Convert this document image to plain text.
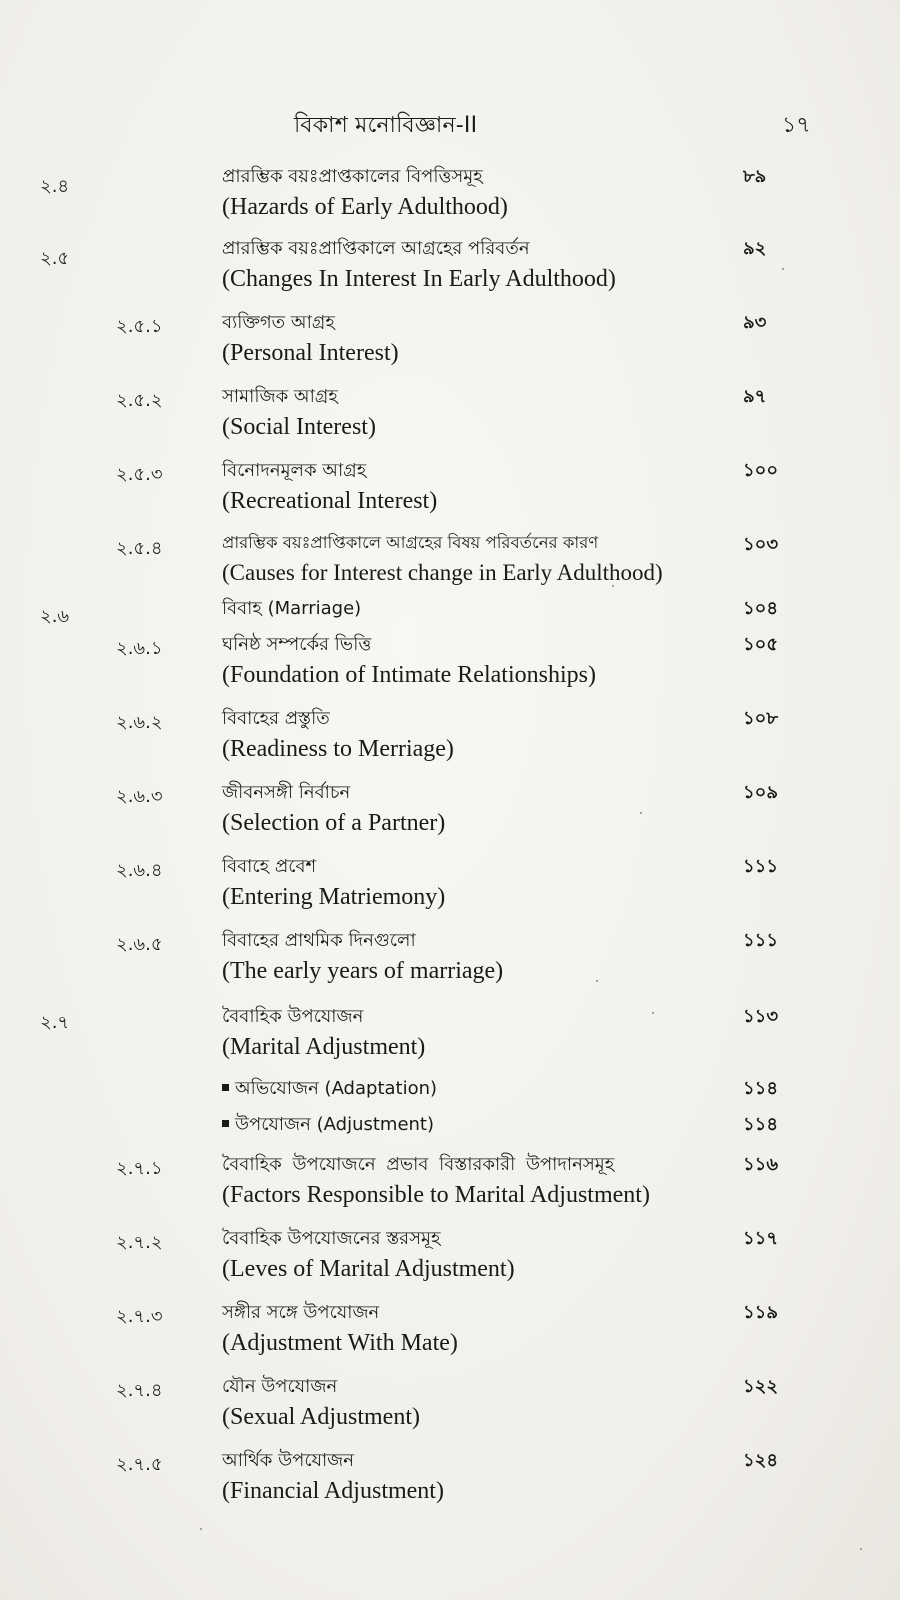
বিকাশ মনোবিজ্ঞান-II	১৭
২.৪	প্রারম্ভিক বয়ঃপ্রাপ্তকালের বিপত্তিসমূহ	৮৯
(Hazards of Early Adulthood)
২.৫	প্রারম্ভিক বয়ঃপ্রাপ্তিকালে আগ্রহের পরিবর্তন	৯২
(Changes In Interest In Early Adulthood)
২.৫.১	ব্যক্তিগত আগ্রহ	৯৩
(Personal Interest)
২.৫.২	সামাজিক আগ্রহ	৯৭
(Social Interest)
২.৫.৩	বিনোদনমূলক আগ্রহ	১০০
(Recreational Interest)
২.৫.৪	প্রারম্ভিক বয়ঃপ্রাপ্তিকালে আগ্রহের বিষয় পরিবর্তনের কারণ	১০৩
(Causes for Interest change in Early Adulthood)
২.৬	বিবাহ (Marriage)	১০৪
২.৬.১	ঘনিষ্ঠ সম্পর্কের ভিত্তি	১০৫
(Foundation of Intimate Relationships)
২.৬.২	বিবাহের প্রস্তুতি	১০৮
(Readiness to Merriage)
২.৬.৩	জীবনসঙ্গী নির্বাচন	১০৯
(Selection of a Partner)
২.৬.৪	বিবাহে প্রবেশ	১১১
(Entering Matriemony)
২.৬.৫	বিবাহের প্রাথমিক দিনগুলো	১১১
(The early years of marriage)
২.৭	বৈবাহিক উপযোজন	১১৩
(Marital Adjustment)
অভিযোজন (Adaptation)	১১৪
উপযোজন (Adjustment)	১১৪
২.৭.১	বৈবাহিক উপযোজনে প্রভাব বিস্তারকারী উপাদানসমূহ	১১৬
(Factors Responsible to Marital Adjustment)
২.৭.২	বৈবাহিক উপযোজনের স্তরসমূহ	১১৭
(Leves of Marital Adjustment)
২.৭.৩	সঙ্গীর সঙ্গে উপযোজন	১১৯
(Adjustment With Mate)
২.৭.৪	যৌন উপযোজন	১২২
(Sexual Adjustment)
২.৭.৫	আর্থিক উপযোজন	১২৪
(Financial Adjustment)
